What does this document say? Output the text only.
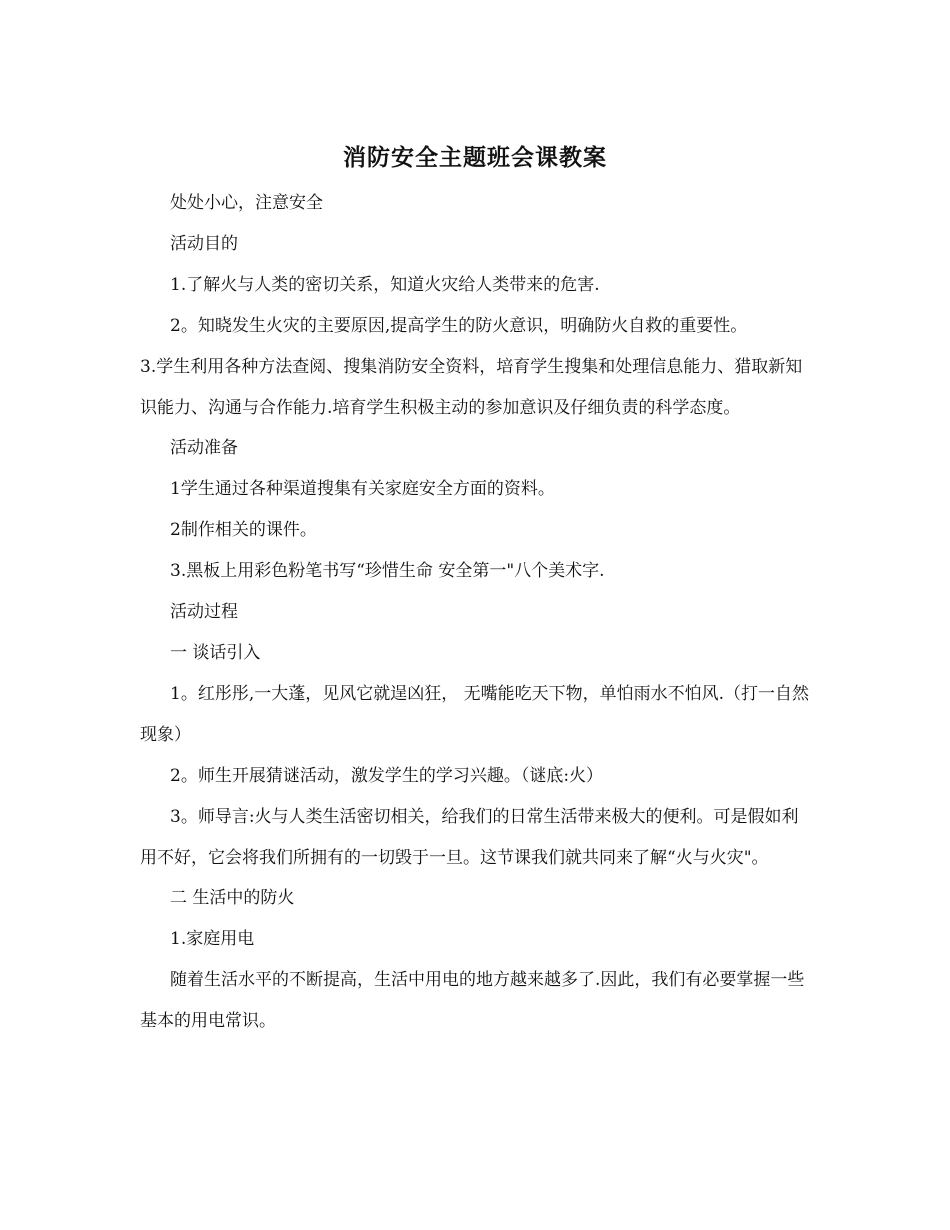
消防安全主题班会课教案

处处小心，注意安全

活动目的

1.了解火与人类的密切关系，知道火灾给人类带来的危害.

2。知晓发生火灾的主要原因,提高学生的防火意识，明确防火自救的重要性。

3.学生利用各种方法查阅、搜集消防安全资料，培育学生搜集和处理信息能力、猎取新知识能力、沟通与合作能力.培育学生积极主动的参加意识及仔细负责的科学态度。

活动准备

1学生通过各种渠道搜集有关家庭安全方面的资料。

2制作相关的课件。

3.黑板上用彩色粉笔书写“珍惜生命 安全第一"八个美术字.

活动过程

一 谈话引入

1。红彤彤,一大蓬，见风它就逞凶狂， 无嘴能吃天下物，单怕雨水不怕风.（打一自然现象）

2。师生开展猜谜活动，激发学生的学习兴趣。（谜底:火）

3。师导言:火与人类生活密切相关，给我们的日常生活带来极大的便利。可是假如利用不好，它会将我们所拥有的一切毁于一旦。这节课我们就共同来了解“火与火灾"。

二 生活中的防火

1.家庭用电

随着生活水平的不断提高，生活中用电的地方越来越多了.因此，我们有必要掌握一些基本的用电常识。
